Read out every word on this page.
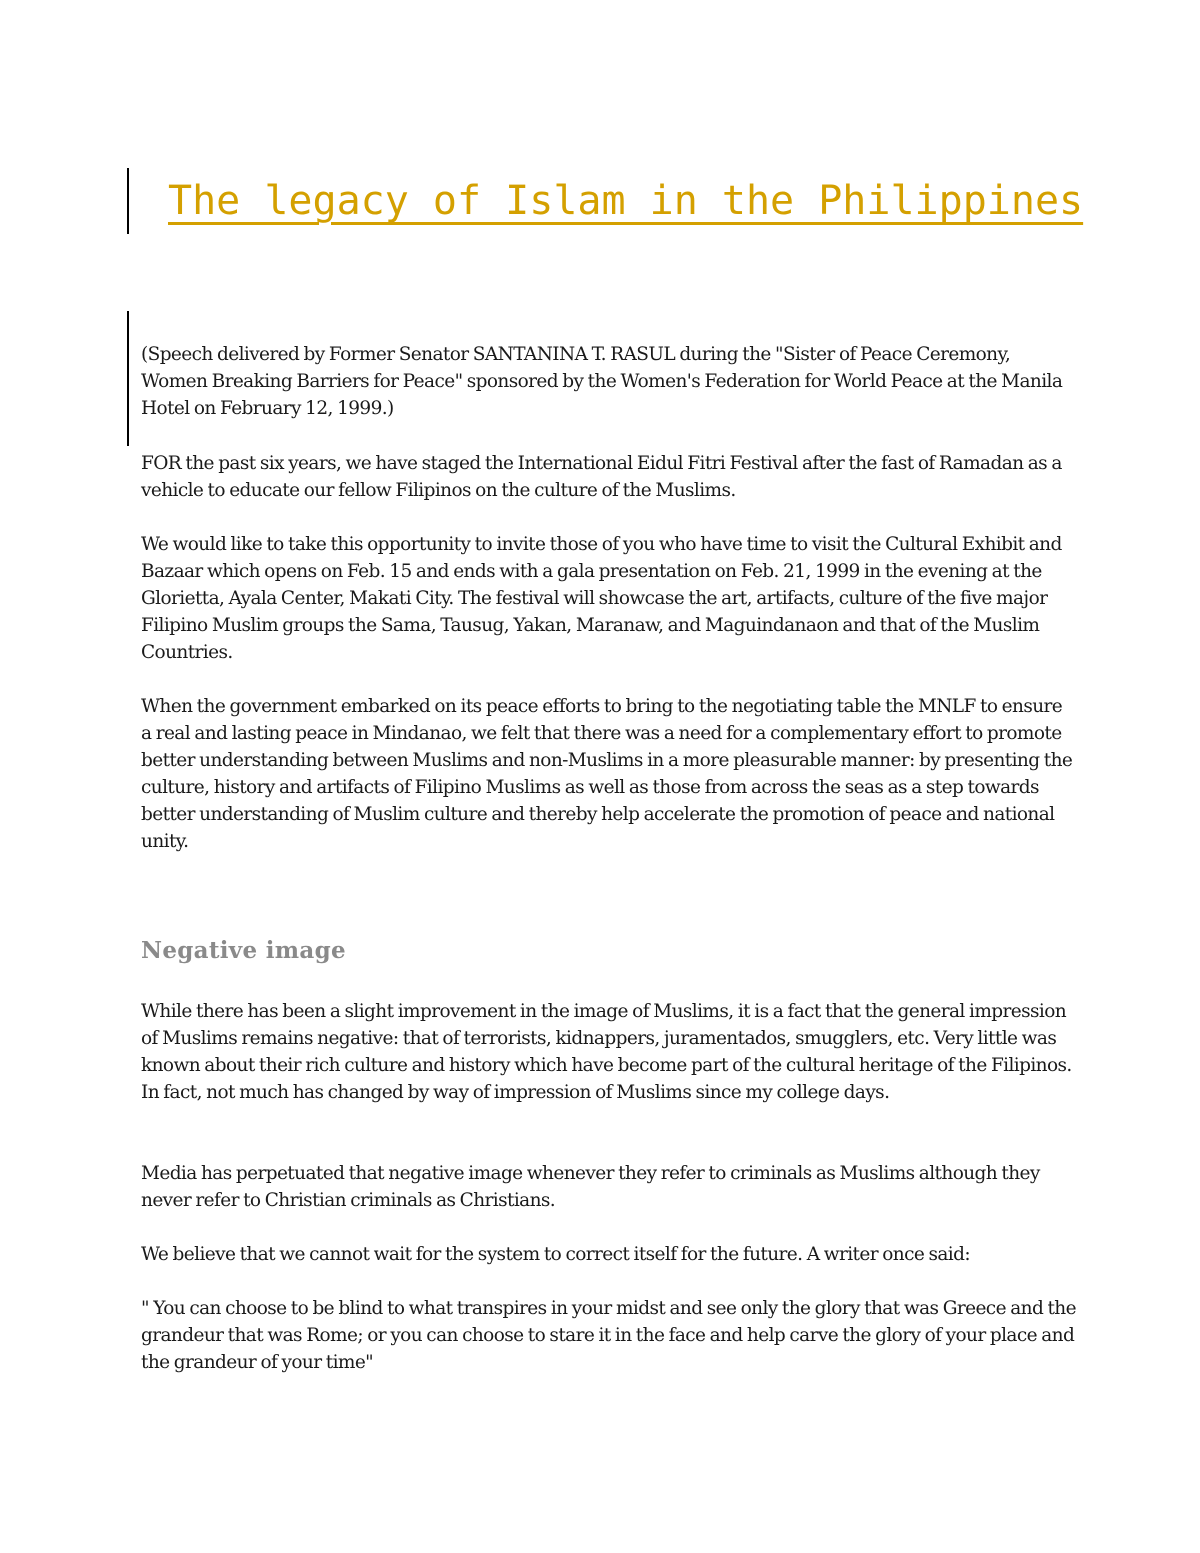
The legacy of Islam in the Philippines

(Speech delivered by Former Senator SANTANINA T. RASUL during the "Sister of Peace Ceremony, Women Breaking Barriers for Peace" sponsored by the Women's Federation for World Peace at the Manila Hotel on February 12, 1999.)

FOR the past six years, we have staged the International Eidul Fitri Festival after the fast of Ramadan as a vehicle to educate our fellow Filipinos on the culture of the Muslims.

We would like to take this opportunity to invite those of you who have time to visit the Cultural Exhibit and Bazaar which opens on Feb. 15 and ends with a gala presentation on Feb. 21, 1999 in the evening at the Glorietta, Ayala Center, Makati City. The festival will showcase the art, artifacts, culture of the five major Filipino Muslim groups the Sama, Tausug, Yakan, Maranaw, and Maguindanaon and that of the Muslim Countries.

When the government embarked on its peace efforts to bring to the negotiating table the MNLF to ensure a real and lasting peace in Mindanao, we felt that there was a need for a complementary effort to promote better understanding between Muslims and non-Muslims in a more pleasurable manner: by presenting the culture, history and artifacts of Filipino Muslims as well as those from across the seas as a step towards better understanding of Muslim culture and thereby help accelerate the promotion of peace and national unity.

Negative image

While there has been a slight improvement in the image of Muslims, it is a fact that the general impression of Muslims remains negative: that of terrorists, kidnappers, juramentados, smugglers, etc. Very little was known about their rich culture and history which have become part of the cultural heritage of the Filipinos. In fact, not much has changed by way of impression of Muslims since my college days.

Media has perpetuated that negative image whenever they refer to criminals as Muslims although they never refer to Christian criminals as Christians.

We believe that we cannot wait for the system to correct itself for the future. A writer once said:

" You can choose to be blind to what transpires in your midst and see only the glory that was Greece and the grandeur that was Rome; or you can choose to stare it in the face and help carve the glory of your place and the grandeur of your time"
